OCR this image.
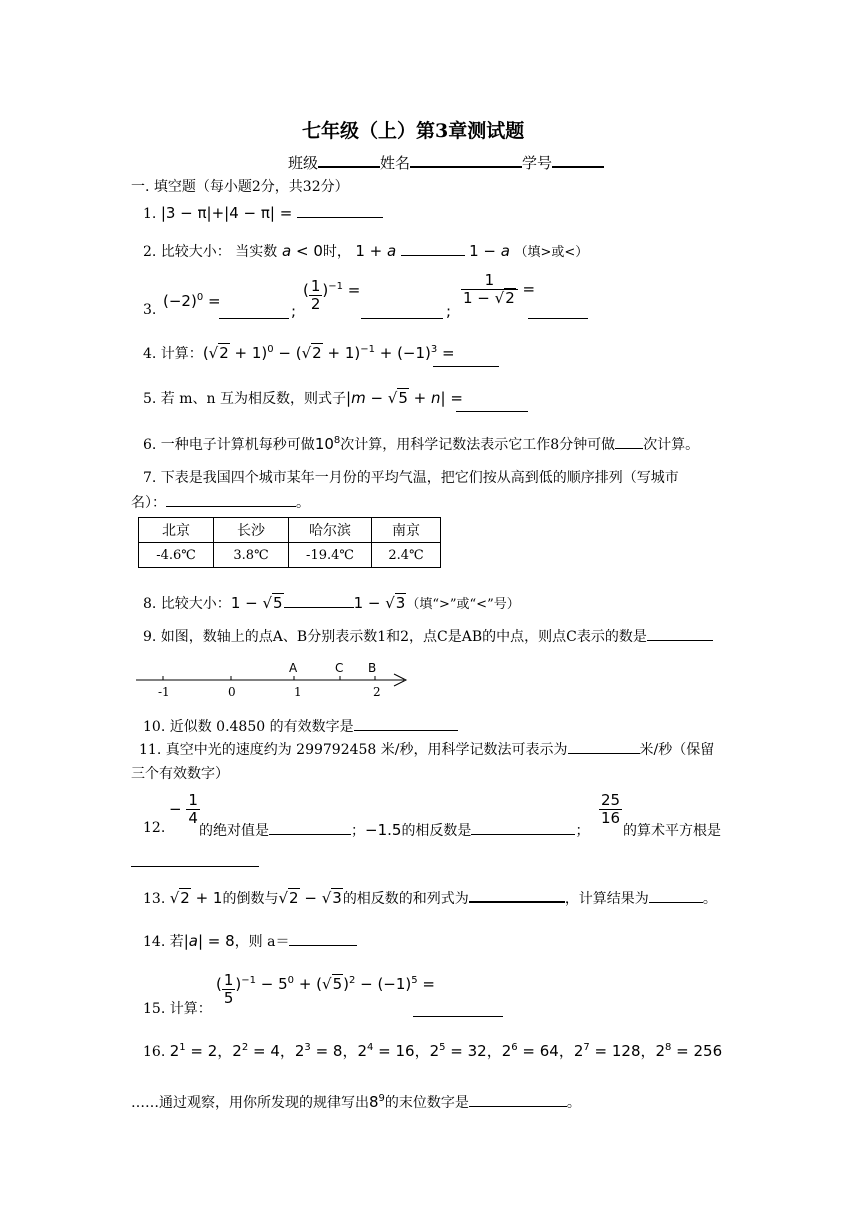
七年级（上）第3章测试题
班级	姓名	学号
一. 填空题（每小题2分，共32分）
1. |3 − π|+|4 − π| =
2. 比较大小： 当实数 a < 0时， 1 + a	1 − a （填>或<）
3. $(-2)^0$ =
;
( $\frac{1}{2} )^{-1}$ =
;
$\frac{1}{1 - √2}$ =
4. 计算：$(√2 + 1)^0 - (√2 + 1)^{-1} + (-1)^3$ =
5. 若 m、n 互为相反数，则式子|m − √5 + n| =
6. 一种电子计算机每秒可做$10^8$次计算，用科学记数法表示它工作8分钟可做 次计算。
7. 下表是我国四个城市某年一月份的平均气温，把它们按从高到低的顺序排列（写城市
名）：	。
北京	长沙	哈尔滨	南京
-4.6℃	3.8℃	-19.4℃	2.4℃
8. 比较大小：1 − √5	1 − √3（填“>”或“<”号）
9. 如图，数轴上的点A、B分别表示数1和2，点C是AB的中点，则点C表示的数是
A	C B
-1	0	1	2
10. 近似数 0.4850 的有效数字是
11. 真空中光的速度约为 299792458 米/秒，用科学记数法可表示为	米/秒（保留
三个有效数字）
12.
− $\frac{1}{4}$
的绝对值是	；−1.5的相反数是	；
$\frac{25}{16}$
的算术平方根是
13. √2 + 1的倒数与√2 − √3的相反数的和列式为	，计算结果为	。
14. 若|a| = 8，则 a＝
15. 计算：
( $\frac{1}{5} )^{-1} - 5^0 + (√5)^2 - (-1)^5$ =
16. $2^1 = 2$，$2^2 = 4$，$2^3 = 8$，$2^4 = 16$，$2^5 = 32$，$2^6 = 64$，$2^7 = 128$，$2^8 = 256$
……通过观察，用你所发现的规律写出$8^9$的末位数字是	。
